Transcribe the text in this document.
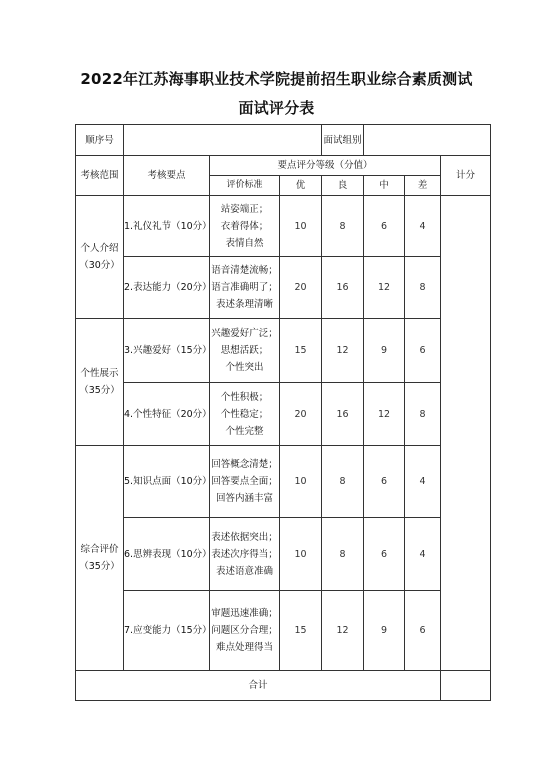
2022年江苏海事职业技术学院提前招生职业综合素质测试
面试评分表
顺序号				面试组别			
考核范围	考核要点	要点评分等级（分值）					计分
		评价标准	优	良	中	差	

个人介绍
（30分）	1.礼仪礼节（10分）	站姿端正；
衣着得体；
表情自然	10	8	6	4	
	2.表达能力（20分）	语音清楚流畅；
语言准确明了；
表述条理清晰	20	16	12	8	

个性展示
（35分）	3.兴趣爱好（15分）	兴趣爱好广泛；
思想活跃；
个性突出	15	12	9	6	
	4.个性特征（20分）	个性积极；
个性稳定；
个性完整	20	16	12	8	

综合评价
（35分）	5.知识点面（10分）	回答概念清楚；
回答要点全面；
回答内涵丰富	10	8	6	4	
	6.思辨表现（10分）	表述依据突出；
表述次序得当；
表述语意准确	10	8	6	4	
	7.应变能力（15分）	审题迅速准确；
问题区分合理；
难点处理得当	15	12	9	6	
合计							
